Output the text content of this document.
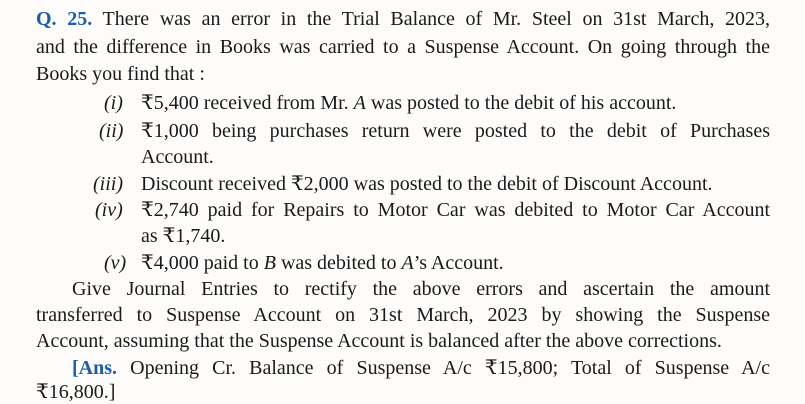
Q. 25. There was an error in the Trial Balance of Mr. Steel on 31st March, 2023,
and the difference in Books was carried to a Suspense Account. On going through the
Books you find that :
(i) ₹5,400 received from Mr. A was posted to the debit of his account.
(ii) ₹1,000 being purchases return were posted to the debit of Purchases
Account.
(iii) Discount received ₹2,000 was posted to the debit of Discount Account.
(iv) ₹2,740 paid for Repairs to Motor Car was debited to Motor Car Account
as ₹1,740.
(v) ₹4,000 paid to B was debited to A’s Account.
Give Journal Entries to rectify the above errors and ascertain the amount
transferred to Suspense Account on 31st March, 2023 by showing the Suspense
Account, assuming that the Suspense Account is balanced after the above corrections.
[Ans. Opening Cr. Balance of Suspense A/c ₹15,800; Total of Suspense A/c
₹16,800.]
